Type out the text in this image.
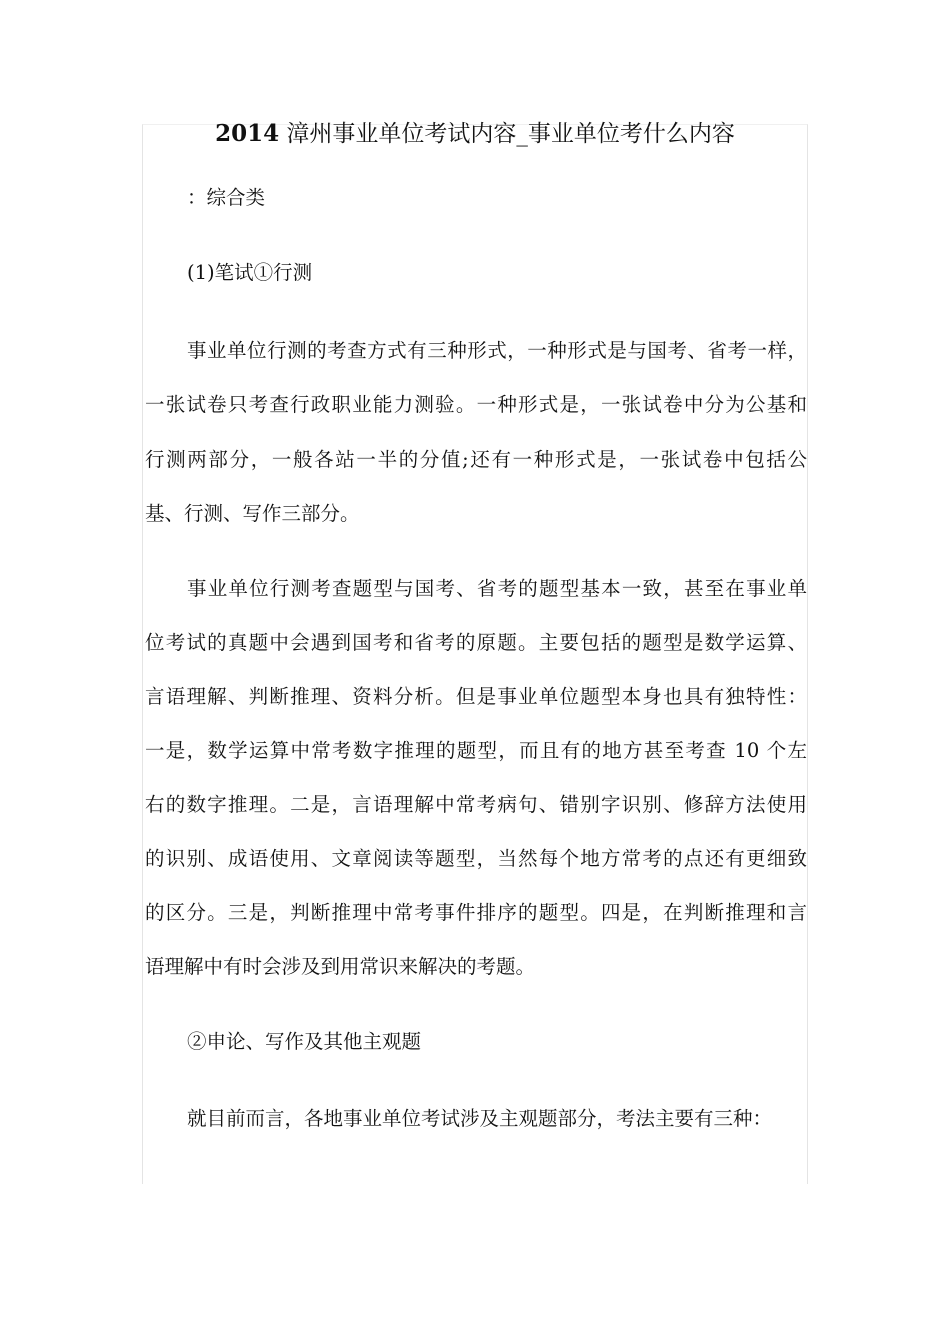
2014 漳州事业单位考试内容_事业单位考什么内容
：综合类
(1)笔试①行测
事业单位行测的考查方式有三种形式，一种形式是与国考、省考一样，
一张试卷只考查行政职业能力测验。一种形式是，一张试卷中分为公基和
行测两部分，一般各站一半的分值;还有一种形式是，一张试卷中包括公
基、行测、写作三部分。
事业单位行测考查题型与国考、省考的题型基本一致，甚至在事业单
位考试的真题中会遇到国考和省考的原题。主要包括的题型是数学运算、
言语理解、判断推理、资料分析。但是事业单位题型本身也具有独特性：
一是，数学运算中常考数字推理的题型，而且有的地方甚至考查 10 个左
右的数字推理。二是，言语理解中常考病句、错别字识别、修辞方法使用
的识别、成语使用、文章阅读等题型，当然每个地方常考的点还有更细致
的区分。三是，判断推理中常考事件排序的题型。四是，在判断推理和言
语理解中有时会涉及到用常识来解决的考题。
②申论、写作及其他主观题
就目前而言，各地事业单位考试涉及主观题部分，考法主要有三种：
